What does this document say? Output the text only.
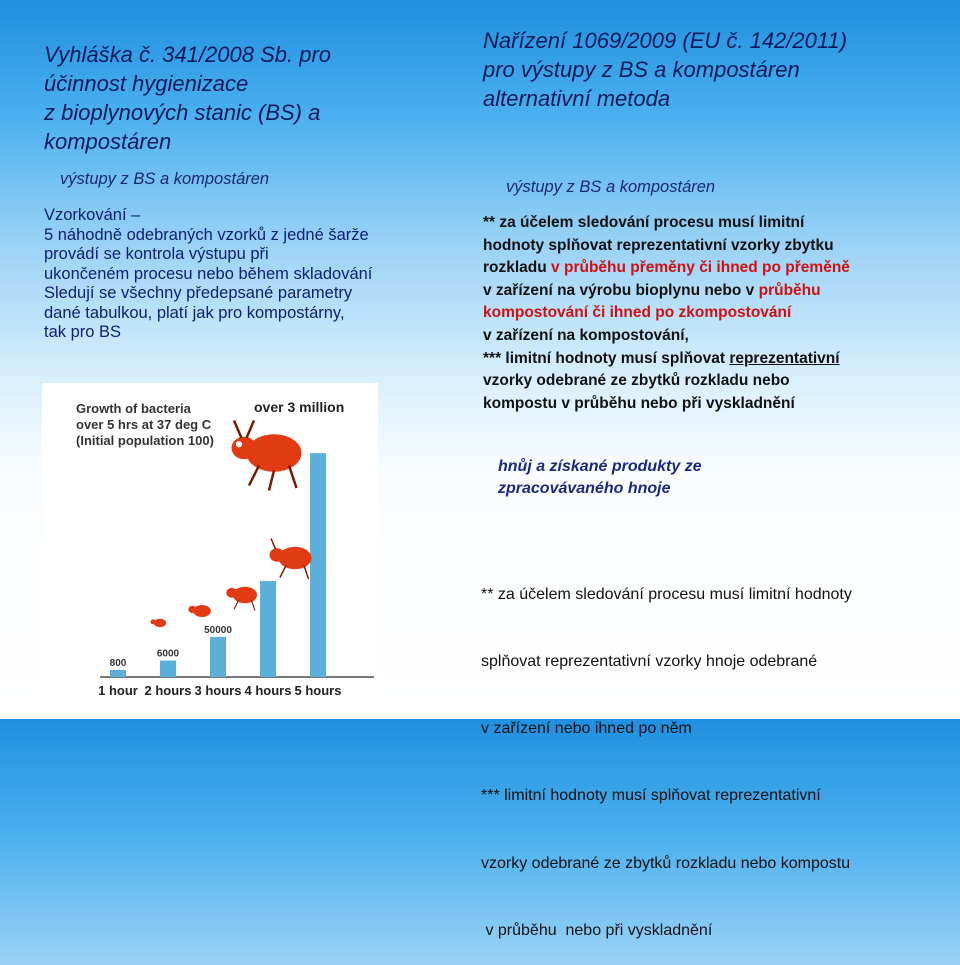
Vyhláška č. 341/2008 Sb. pro
účinnost hygienizace
z bioplynových stanic (BS) a
kompostáren
výstupy z BS a kompostáren
Vzorkování –
5 náhodně odebraných vzorků z jedné šarže
provádí se kontrola výstupu při
ukončeném procesu nebo během skladování
Sledují se všechny předepsané parametry
dané tabulkou, platí jak pro kompostárny,
tak pro BS
Growth of bacteria
over 5 hrs at 37 deg C
(Initial population 100)
over 3 million
1 hour 2 hours 3 hours 4 hours 5 hours
800
6000
50000
Nařízení 1069/2009 (EU č. 142/2011)
pro výstupy z BS a kompostáren
alternativní metoda
výstupy z BS a kompostáren
** za účelem sledování procesu musí limitní
hodnoty splňovat reprezentativní vzorky zbytku
rozkladu v průběhu přeměny či ihned po přeměně
v zařízení na výrobu bioplynu nebo v průběhu
kompostování či ihned po zkompostování
v zařízení na kompostování,
*** limitní hodnoty musí splňovat reprezentativní
vzorky odebrané ze zbytků rozkladu nebo
kompostu v průběhu nebo při vyskladnění
hnůj a získané produkty ze
zpracovávaného hnoje

** za účelem sledování procesu musí limitní hodnoty

splňovat reprezentativní vzorky hnoje odebrané

v zařízení nebo ihned po něm

*** limitní hodnoty musí splňovat reprezentativní

vzorky odebrané ze zbytků rozkladu nebo kompostu

v průběhu  nebo při vyskladnění
